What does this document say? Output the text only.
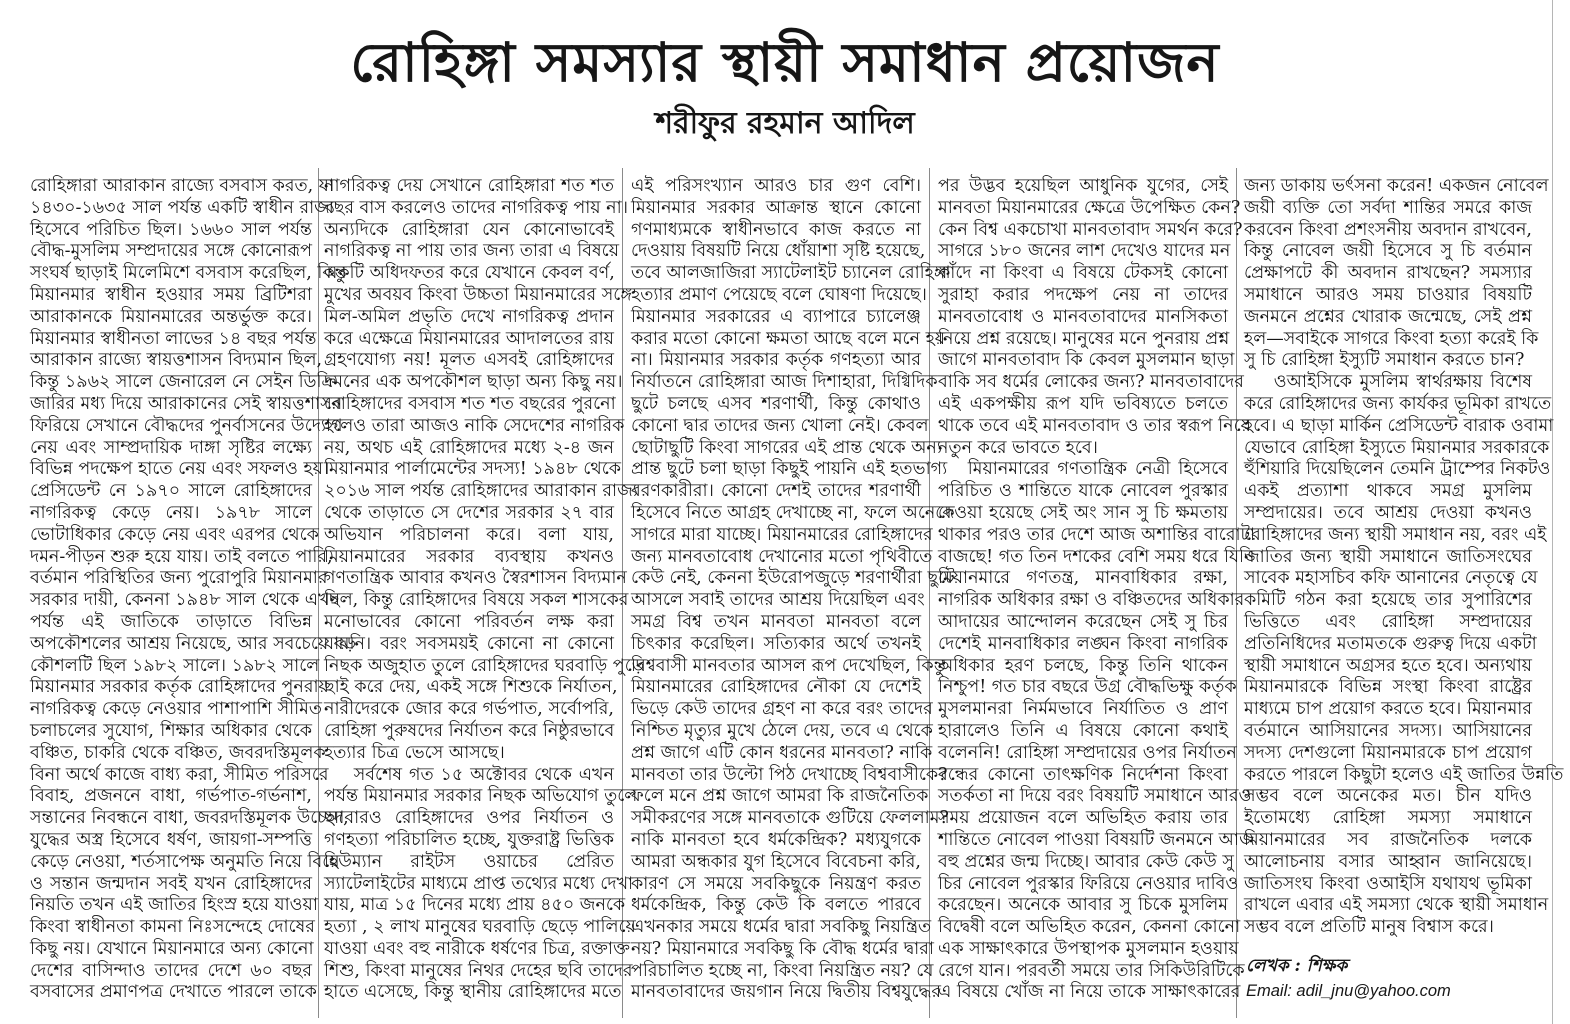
রোহিঙ্গা সমস্যার স্থায়ী সমাধান প্রয়োজন
শরীফুর রহমান আদিল
রোহিঙ্গারা আরাকান রাজ্যে বসবাস করত, যা
১৪৩০-১৬৩৫ সাল পর্যন্ত একটি স্বাধীন রাজ্য
হিসেবে পরিচিত ছিল। ১৬৬০ সাল পর্যন্ত
বৌদ্ধ-মুসলিম সম্প্রদায়ের সঙ্গে কোনোরূপ
সংঘর্ষ ছাড়াই মিলেমিশে বসবাস করেছিল, কিন্তু
মিয়ানমার স্বাধীন হওয়ার সময় ব্রিটিশরা
আরাকানকে মিয়ানমারের অন্তর্ভুক্ত করে।
মিয়ানমার স্বাধীনতা লাভের ১৪ বছর পর্যন্ত
আরাকান রাজ্যে স্বায়ত্তশাসন বিদ্যমান ছিল,
কিন্তু ১৯৬২ সালে জেনারেল নে সেইন ডিক্রি
জারির মধ্য দিয়ে আরাকানের সেই স্বায়ত্তশাসন
ফিরিয়ে সেখানে বৌদ্ধদের পুনর্বাসনের উদ্যোগ
নেয় এবং সাম্প্রদায়িক দাঙ্গা সৃষ্টির লক্ষ্যে
বিভিন্ন পদক্ষেপ হাতে নেয় এবং সফলও হয়।
প্রেসিডেন্ট নে ১৯৭০ সালে রোহিঙ্গাদের
নাগরিকত্ব কেড়ে নেয়। ১৯৭৮ সালে
ভোটাধিকার কেড়ে নেয় এবং এরপর থেকে
দমন-পীড়ন শুরু হয়ে যায়। তাই বলতে পারি,
বর্তমান পরিস্থিতির জন্য পুরোপুরি মিয়ানমার
সরকার দায়ী, কেননা ১৯৪৮ সাল থেকে এখন
পর্যন্ত এই জাতিকে তাড়াতে বিভিন্ন
অপকৌশলের আশ্রয় নিয়েছে, আর সবচেয়ে বড়
কৌশলটি ছিল ১৯৮২ সালে। ১৯৮২ সালে
মিয়ানমার সরকার কর্তৃক রোহিঙ্গাদের পুনরায়
নাগরিকত্ব কেড়ে নেওয়ার পাশাপাশি সীমিত
চলাচলের সুযোগ, শিক্ষার অধিকার থেকে
বঞ্চিত, চাকরি থেকে বঞ্চিত, জবরদস্তিমূলক
বিনা অর্থে কাজে বাধ্য করা, সীমিত পরিসরে
বিবাহ, প্রজননে বাধা, গর্ভপাত-গর্ভনাশ,
সন্তানের নিবন্ধনে বাধা, জবরদস্তিমূলক উচ্ছেদ,
যুদ্ধের অস্ত্র হিসেবে ধর্ষণ, জায়গা-সম্পত্তি
কেড়ে নেওয়া, শর্তসাপেক্ষ অনুমতি নিয়ে বিয়ে
ও সন্তান জন্মদান সবই যখন রোহিঙ্গাদের
নিয়তি তখন এই জাতির হিংস্র হয়ে যাওয়া
কিংবা স্বাধীনতা কামনা নিঃসন্দেহে দোষের
কিছু নয়। যেখানে মিয়ানমারে অন্য কোনো
দেশের বাসিন্দাও তাদের দেশে ৬০ বছর
বসবাসের প্রমাণপত্র দেখাতে পারলে তাকে
নাগরিকত্ব দেয় সেখানে রোহিঙ্গারা শত শত
বছর বাস করলেও তাদের নাগরিকত্ব পায় না।
অন্যদিকে রোহিঙ্গারা যেন কোনোভাবেই
নাগরিকত্ব না পায় তার জন্য তারা এ বিষয়ে
একটি অধিদফতর করে যেখানে কেবল বর্ণ,
মুখের অবয়ব কিংবা উচ্চতা মিয়ানমারের সঙ্গে
মিল-অমিল প্রভৃতি দেখে নাগরিকত্ব প্রদান
করে এক্ষেত্রে মিয়ানমারের আদালতের রায়
গ্রহণযোগ্য নয়! মূলত এসবই রোহিঙ্গাদের
দমনের এক অপকৌশল ছাড়া অন্য কিছু নয়।
রোহিঙ্গাদের বসবাস শত শত বছরের পুরনো
হলেও তারা আজও নাকি সেদেশের নাগরিক
নয়, অথচ এই রোহিঙ্গাদের মধ্যে ২-৪ জন
মিয়ানমার পার্লামেন্টের সদস্য! ১৯৪৮ থেকে
২০১৬ সাল পর্যন্ত রোহিঙ্গাদের আরাকান রাজ্য
থেকে তাড়াতে সে দেশের সরকার ২৭ বার
অভিযান পরিচালনা করে। বলা যায়,
মিয়ানমারের সরকার ব্যবস্থায় কখনও
গণতান্ত্রিক আবার কখনও স্বৈরশাসন বিদ্যমান
ছিল, কিন্তু রোহিঙ্গাদের বিষয়ে সকল শাসকের
মনোভাবের কোনো পরিবর্তন লক্ষ করা
যায়নি। বরং সবসময়ই কোনো না কোনো
নিছক অজুহাত তুলে রোহিঙ্গাদের ঘরবাড়ি পুড়ে
ছাই করে দেয়, একই সঙ্গে শিশুকে নির্যাতন,
নারীদেরকে জোর করে গর্ভপাত, সর্বোপরি,
রোহিঙ্গা পুরুষদের নির্যাতন করে নিষ্ঠুরভাবে
হত্যার চিত্র ভেসে আসছে।
সর্বশেষ গত ১৫ অক্টোবর থেকে এখন
পর্যন্ত মিয়ানমার সরকার নিছক অভিযোগ তুলে
আবারও রোহিঙ্গাদের ওপর নির্যাতন ও
গণহত্যা পরিচালিত হচ্ছে, যুক্তরাষ্ট্র ভিত্তিক
হিউম্যান রাইটস ওয়াচের প্রেরিত
স্যাটেলাইটের মাধ্যমে প্রাপ্ত তথ্যের মধ্যে দেখা
যায়, মাত্র ১৫ দিনের মধ্যে প্রায় ৪৫০ জনকে
হত্যা , ২ লাখ মানুষের ঘরবাড়ি ছেড়ে পালিয়ে
যাওয়া এবং বহু নারীকে ধর্ষণের চিত্র, রক্তাক্ত
শিশু, কিংবা মানুষের নিথর দেহের ছবি তাদের
হাতে এসেছে, কিন্তু স্থানীয় রোহিঙ্গাদের মতে
এই পরিসংখ্যান আরও চার গুণ বেশি।
মিয়ানমার সরকার আক্রান্ত স্থানে কোনো
গণমাধ্যমকে স্বাধীনভাবে কাজ করতে না
দেওয়ায় বিষয়টি নিয়ে ধোঁয়াশা সৃষ্টি হয়েছে,
তবে আলজাজিরা স্যাটেলাইট চ্যানেল রোহিঙ্গা
হত্যার প্রমাণ পেয়েছে বলে ঘোষণা দিয়েছে।
মিয়ানমার সরকারের এ ব্যাপারে চ্যালেঞ্জ
করার মতো কোনো ক্ষমতা আছে বলে মনে হয়
না। মিয়ানমার সরকার কর্তৃক গণহত্যা আর
নির্যাতনে রোহিঙ্গারা আজ দিশাহারা, দিগ্বিদিক
ছুটে চলছে এসব শরণার্থী, কিন্তু কোথাও
কোনো দ্বার তাদের জন্য খোলা নেই। কেবল
ছোটাছুটি কিংবা সাগরের এই প্রান্ত থেকে অন্য
প্রান্ত ছুটে চলা ছাড়া কিছুই পায়নি এই হতভাগ্য
বরণকারীরা। কোনো দেশই তাদের শরণার্থী
হিসেবে নিতে আগ্রহ দেখাচ্ছে না, ফলে অনেকে
সাগরে মারা যাচ্ছে। মিয়ানমারের রোহিঙ্গাদের
জন্য মানবতাবোধ দেখানোর মতো পৃথিবীতে
কেউ নেই, কেননা ইউরোপজুড়ে শরণার্থীরা ছুটে
আসলে সবাই তাদের আশ্রয় দিয়েছিল এবং
সমগ্র বিশ্ব তখন মানবতা মানবতা বলে
চিৎকার করেছিল। সত্যিকার অর্থে তখনই
বিশ্ববাসী মানবতার আসল রূপ দেখেছিল, কিন্তু
মিয়ানমারের রোহিঙ্গাদের নৌকা যে দেশেই
ভিড়ে কেউ তাদের গ্রহণ না করে বরং তাদের
নিশ্চিত মৃত্যুর মুখে ঠেলে দেয়, তবে এ থেকে
প্রশ্ন জাগে এটি কোন ধরনের মানবতা? নাকি
মানবতা তার উল্টো পিঠ দেখাচ্ছে বিশ্ববাসীকে?
ফলে মনে প্রশ্ন জাগে আমরা কি রাজনৈতিক
সমীকরণের সঙ্গে মানবতাকে গুটিয়ে ফেললাম?
নাকি মানবতা হবে ধর্মকেন্দ্রিক? মধ্যযুগকে
আমরা অন্ধকার যুগ হিসেবে বিবেচনা করি,
কারণ সে সময়ে সবকিছুকে নিয়ন্ত্রণ করত
ধর্মকেন্দ্রিক, কিন্তু কেউ কি বলতে পারবে
এখনকার সময়ে ধর্মের দ্বারা সবকিছু নিয়ন্ত্রিত
নয়? মিয়ানমারে সবকিছু কি বৌদ্ধ ধর্মের দ্বারা
পরিচালিত হচ্ছে না, কিংবা নিয়ন্ত্রিত নয়? যে
মানবতাবাদের জয়গান নিয়ে দ্বিতীয় বিশ্বযুদ্ধের
পর উদ্ভব হয়েছিল আধুনিক যুগের, সেই
মানবতা মিয়ানমারের ক্ষেত্রে উপেক্ষিত কেন?
কেন বিশ্ব একচোখা মানবতাবাদ সমর্থন করে?
সাগরে ১৮০ জনের লাশ দেখেও যাদের মন
কাঁদে না কিংবা এ বিষয়ে টেকসই কোনো
সুরাহা করার পদক্ষেপ নেয় না তাদের
মানবতাবোধ ও মানবতাবাদের মানসিকতা
নিয়ে প্রশ্ন রয়েছে। মানুষের মনে পুনরায় প্রশ্ন
জাগে মানবতাবাদ কি কেবল মুসলমান ছাড়া
বাকি সব ধর্মের লোকের জন্য? মানবতাবাদের
এই একপক্ষীয় রূপ যদি ভবিষ্যতে চলতে
থাকে তবে এই মানবতাবাদ ও তার স্বরূপ নিয়ে
নতুন করে ভাবতে হবে।
মিয়ানমারের গণতান্ত্রিক নেত্রী হিসেবে
পরিচিত ও শান্তিতে যাকে নোবেল পুরস্কার
দেওয়া হয়েছে সেই অং সান সু চি ক্ষমতায়
থাকার পরও তার দেশে আজ অশান্তির বারোটা
বাজছে! গত তিন দশকের বেশি সময় ধরে যিনি
মিয়ানমারে গণতন্ত্র, মানবাধিকার রক্ষা,
নাগরিক অধিকার রক্ষা ও বঞ্চিতদের অধিকার
আদায়ের আন্দোলন করেছেন সেই সু চির
দেশেই মানবাধিকার লঙ্ঘন কিংবা নাগরিক
অধিকার হরণ চলছে, কিন্তু তিনি থাকেন
নিশ্চুপ! গত চার বছরে উগ্র বৌদ্ধভিক্ষু কর্তৃক
মুসলমানরা নির্মমভাবে নির্যাতিত ও প্রাণ
হারালেও তিনি এ বিষয়ে কোনো কথাই
বলেননি! রোহিঙ্গা সম্প্রদায়ের ওপর নির্যাতন
বন্ধের কোনো তাৎক্ষণিক নির্দেশনা কিংবা
সতর্কতা না দিয়ে বরং বিষয়টি সমাধানে আরও
সময় প্রয়োজন বলে অভিহিত করায় তার
শান্তিতে নোবেল পাওয়া বিষয়টি জনমনে আজ
বহু প্রশ্নের জন্ম দিচ্ছে। আবার কেউ কেউ সু
চির নোবেল পুরস্কার ফিরিয়ে নেওয়ার দাবিও
করেছেন। অনেকে আবার সু চিকে মুসলিম
বিদ্বেষী বলে অভিহিত করেন, কেননা কোনো
এক সাক্ষাৎকারে উপস্থাপক মুসলমান হওয়ায়
রেগে যান। পরবর্তী সময়ে তার সিকিউরিটিকে
এ বিষয়ে খোঁজ না নিয়ে তাকে সাক্ষাৎকারের
জন্য ডাকায় ভর্ৎসনা করেন! একজন নোবেল
জয়ী ব্যক্তি তো সর্বদা শান্তির সমরে কাজ
করবেন কিংবা প্রশংসনীয় অবদান রাখবেন,
কিন্তু নোবেল জয়ী হিসেবে সু চি বর্তমান
প্রেক্ষাপটে কী অবদান রাখছেন? সমস্যার
সমাধানে আরও সময় চাওয়ার বিষয়টি
জনমনে প্রশ্নের খোরাক জন্মেছে, সেই প্রশ্ন
হল—সবাইকে সাগরে কিংবা হত্যা করেই কি
সু চি রোহিঙ্গা ইস্যুটি সমাধান করতে চান?
ওআইসিকে মুসলিম স্বার্থরক্ষায় বিশেষ
করে রোহিঙ্গাদের জন্য কার্যকর ভূমিকা রাখতে
হবে। এ ছাড়া মার্কিন প্রেসিডেন্ট বারাক ওবামা
যেভাবে রোহিঙ্গা ইস্যুতে মিয়ানমার সরকারকে
হুঁশিয়ারি দিয়েছিলেন তেমনি ট্রাম্পের নিকটও
একই প্রত্যাশা থাকবে সমগ্র মুসলিম
সম্প্রদায়ের। তবে আশ্রয় দেওয়া কখনও
রোহিঙ্গাদের জন্য স্থায়ী সমাধান নয়, বরং এই
জাতির জন্য স্থায়ী সমাধানে জাতিসংঘের
সাবেক মহাসচিব কফি আনানের নেতৃত্বে যে
কমিটি গঠন করা হয়েছে তার সুপারিশের
ভিত্তিতে এবং রোহিঙ্গা সম্প্রদায়ের
প্রতিনিধিদের মতামতকে গুরুত্ব দিয়ে একটা
স্থায়ী সমাধানে অগ্রসর হতে হবে। অন্যথায়
মিয়ানমারকে বিভিন্ন সংস্থা কিংবা রাষ্ট্রের
মাধ্যমে চাপ প্রয়োগ করতে হবে। মিয়ানমার
বর্তমানে আসিয়ানের সদস্য। আসিয়ানের
সদস্য দেশগুলো মিয়ানমারকে চাপ প্রয়োগ
করতে পারলে কিছুটা হলেও এই জাতির উন্নতি
সম্ভব বলে অনেকের মত। চীন যদিও
ইতোমধ্যে রোহিঙ্গা সমস্যা সমাধানে
মিয়ানমারের সব রাজনৈতিক দলকে
আলোচনায় বসার আহ্বান জানিয়েছে।
জাতিসংঘ কিংবা ওআইসি যথাযথ ভূমিকা
রাখলে এবার এই সমস্যা থেকে স্থায়ী সমাধান
সম্ভব বলে প্রতিটি মানুষ বিশ্বাস করে।
লেখক : শিক্ষক
Email: adil_jnu@yahoo.com
